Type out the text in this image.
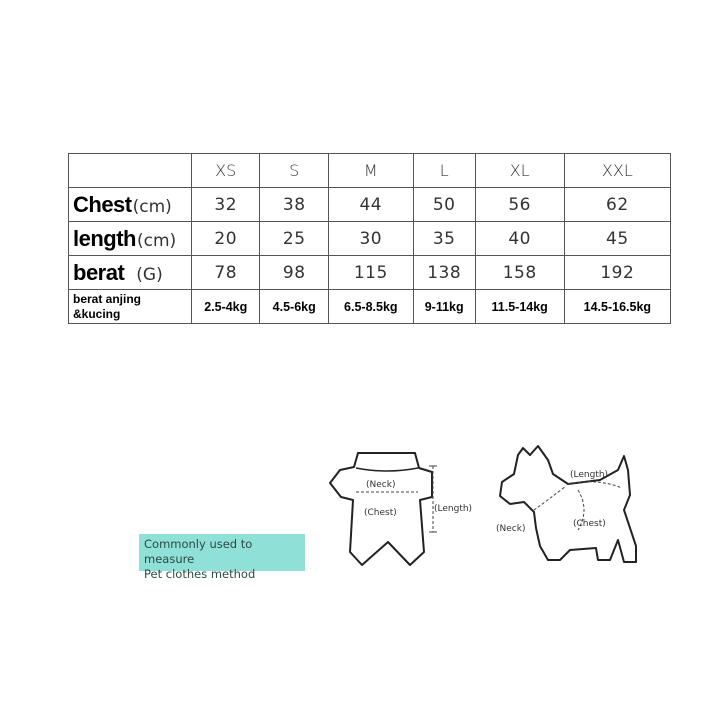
	XS	S	M	L	XL	XXL
Chest(cm)	32	38	44	50	56	62
length(cm)	20	25	30	35	40	45
berat (G)	78	98	115	138	158	192

berat anjing
&kucing	2.5-4kg	4.5-6kg	6.5-8.5kg	9-11kg	11.5-14kg	14.5-16.5kg
Commonly used to measure
Pet clothes method
(Neck)
(Chest)	(Length)
(Length)
(Neck)	(Chest)
